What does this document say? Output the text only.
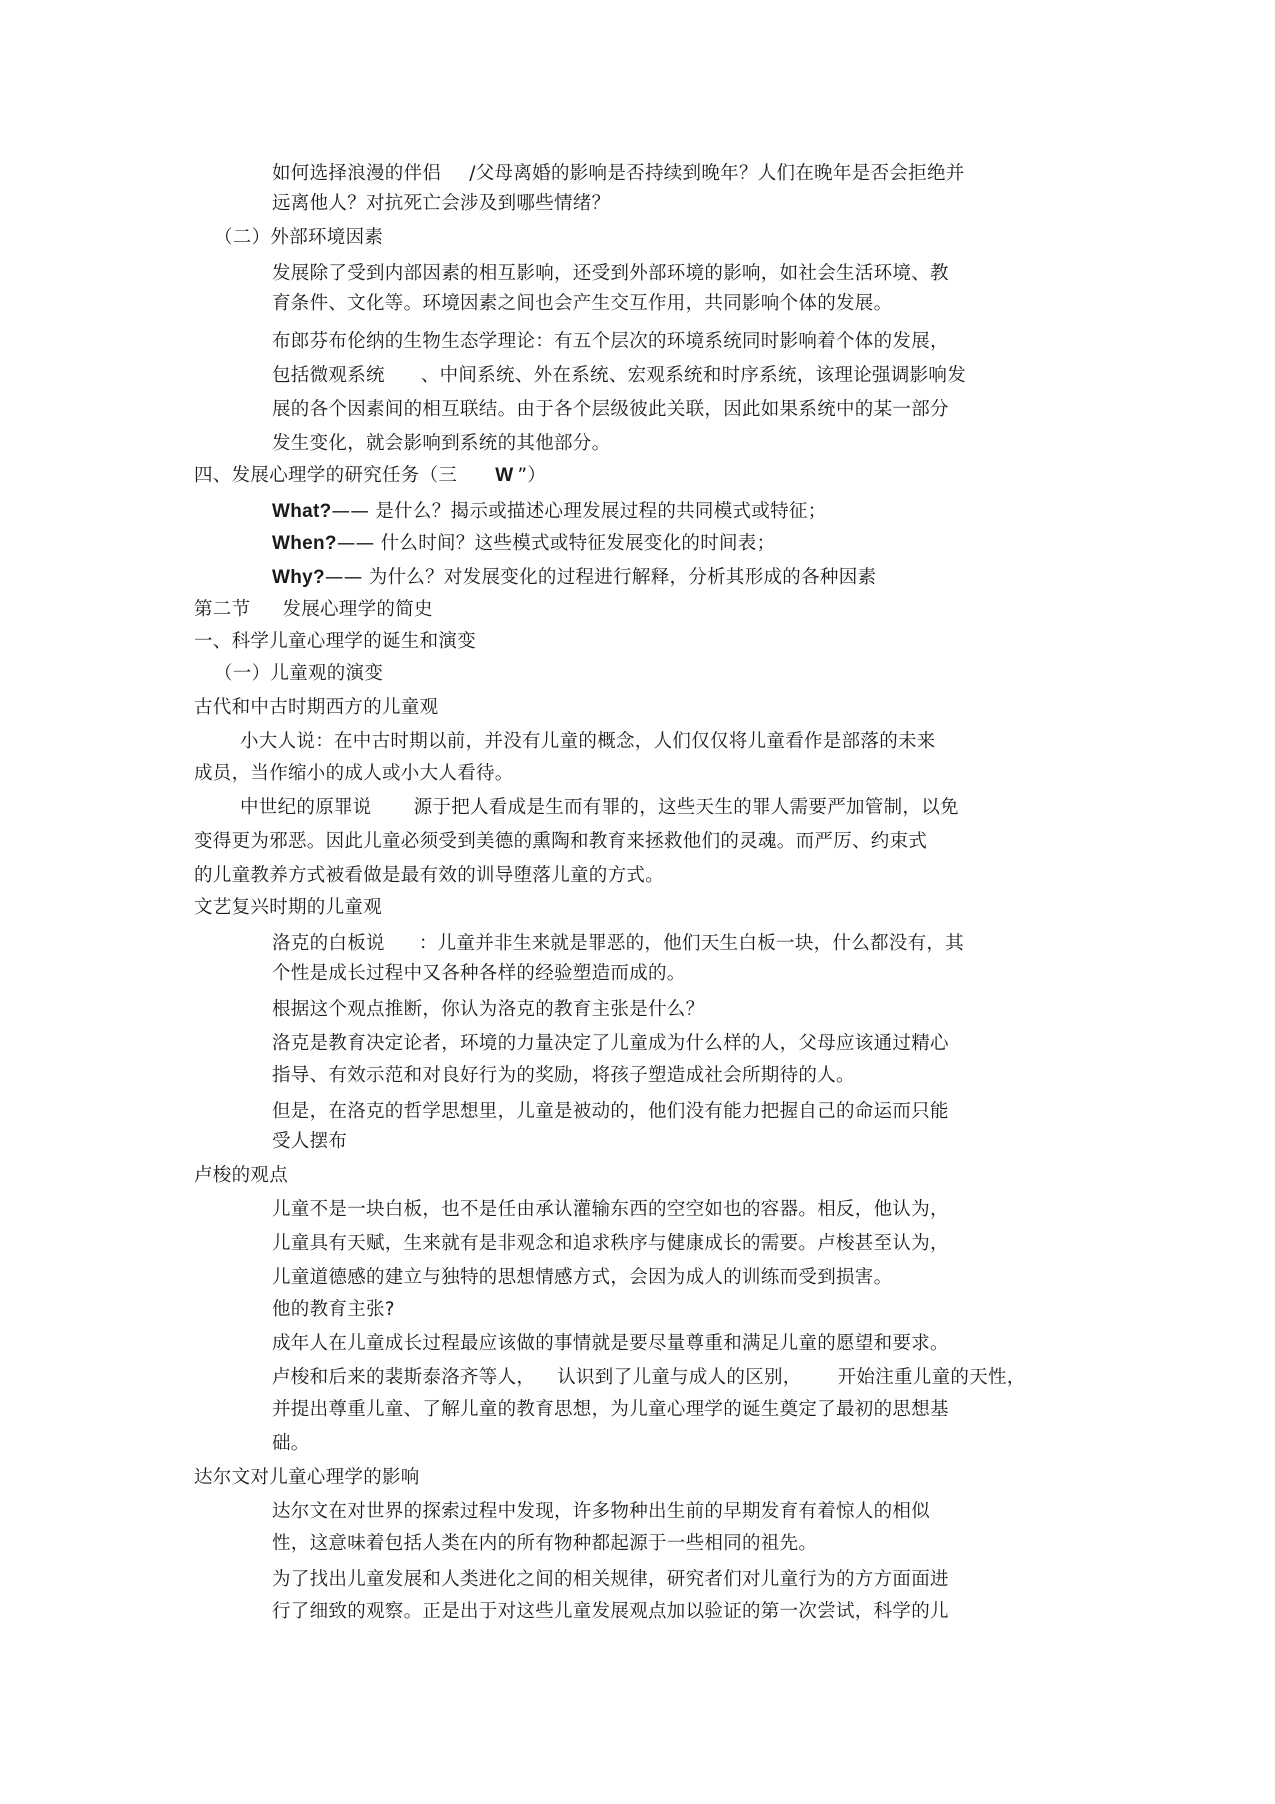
如何选择浪漫的伴侣 /父母离婚的影响是否持续到晚年？人们在晚年是否会拒绝并
远离他人？对抗死亡会涉及到哪些情绪？
（二）外部环境因素
发展除了受到内部因素的相互影响，还受到外部环境的影响，如社会生活环境、教
育条件、文化等。环境因素之间也会产生交互作用，共同影响个体的发展。
布郎芬布伦纳的生物生态学理论：有五个层次的环境系统同时影响着个体的发展，
包括微观系统 、中间系统、外在系统、宏观系统和时序系统，该理论强调影响发
展的各个因素间的相互联结。由于各个层级彼此关联，因此如果系统中的某一部分
发生变化，就会影响到系统的其他部分。
四、发展心理学的研究任务（三 W ”）
What?—— 是什么？揭示或描述心理发展过程的共同模式或特征；
When?—— 什么时间？这些模式或特征发展变化的时间表；
Why?—— 为什么？对发展变化的过程进行解释，分析其形成的各种因素
第二节 发展心理学的简史
一、科学儿童心理学的诞生和演变
（一）儿童观的演变
古代和中古时期西方的儿童观
小大人说：在中古时期以前，并没有儿童的概念，人们仅仅将儿童看作是部落的未来
成员，当作缩小的成人或小大人看待。
中世纪的原罪说 源于把人看成是生而有罪的，这些天生的罪人需要严加管制，以免
变得更为邪恶。因此儿童必须受到美德的熏陶和教育来拯救他们的灵魂。而严厉、约束式
的儿童教养方式被看做是最有效的训导堕落儿童的方式。
文艺复兴时期的儿童观
洛克的白板说 ：儿童并非生来就是罪恶的，他们天生白板一块，什么都没有，其
个性是成长过程中又各种各样的经验塑造而成的。
根据这个观点推断，你认为洛克的教育主张是什么？
洛克是教育决定论者，环境的力量决定了儿童成为什么样的人，父母应该通过精心
指导、有效示范和对良好行为的奖励，将孩子塑造成社会所期待的人。
但是，在洛克的哲学思想里，儿童是被动的，他们没有能力把握自己的命运而只能
受人摆布
卢梭的观点
儿童不是一块白板，也不是任由承认灌输东西的空空如也的容器。相反，他认为，
儿童具有天赋，生来就有是非观念和追求秩序与健康成长的需要。卢梭甚至认为，
儿童道德感的建立与独特的思想情感方式，会因为成人的训练而受到损害。
他的教育主张?
成年人在儿童成长过程最应该做的事情就是要尽量尊重和满足儿童的愿望和要求。
卢梭和后来的裴斯泰洛齐等人， 认识到了儿童与成人的区别， 开始注重儿童的天性，
并提出尊重儿童、了解儿童的教育思想，为儿童心理学的诞生奠定了最初的思想基
础。
达尔文对儿童心理学的影响
达尔文在对世界的探索过程中发现，许多物种出生前的早期发育有着惊人的相似
性，这意味着包括人类在内的所有物种都起源于一些相同的祖先。
为了找出儿童发展和人类进化之间的相关规律，研究者们对儿童行为的方方面面进
行了细致的观察。正是出于对这些儿童发展观点加以验证的第一次尝试，科学的儿
